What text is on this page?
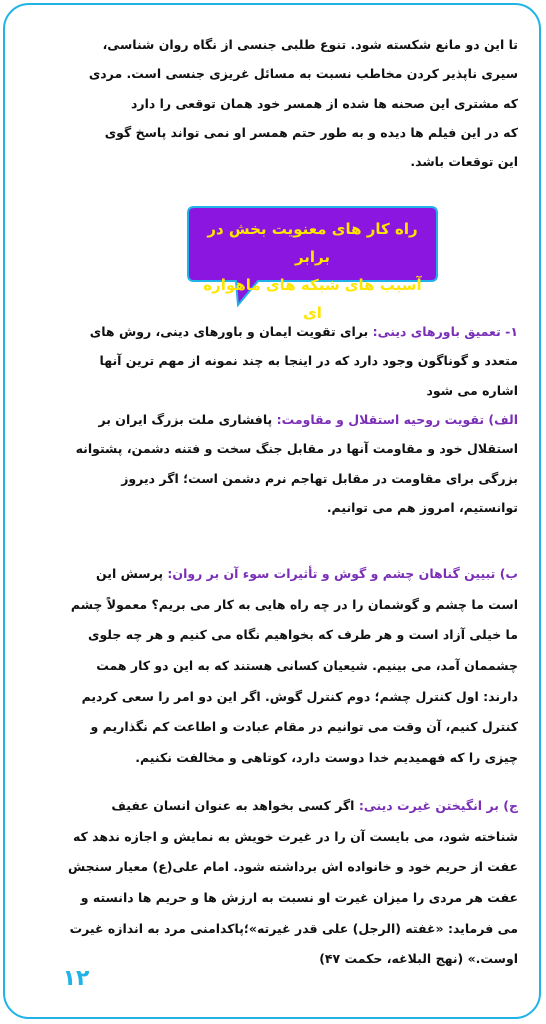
تا این دو مانع شکسته شود. تنوع طلبی جنسی از نگاه روان شناسی،
سیری ناپذیر کردن مخاطب نسبت به مسائل غریزی جنسی است. مردی
که مشتری این صحنه ها شده از همسر خود همان توقعی را دارد
که در این فیلم ها دیده و به طور حتم همسر او نمی تواند پاسخ گوی
این توقعات باشد.
راه کار های معنویت بخش در برابر
آسیب های شبکه های ماهواره ای
۱- تعمیق باورهای دینی: برای تقویت ایمان و باورهای دینی، روش های
متعدد و گوناگون وجود دارد که در اینجا به چند نمونه از مهم ترین آنها
اشاره می شود
الف) تقویت روحیه استقلال و مقاومت: پافشاری ملت بزرگ ایران بر
استقلال خود و مقاومت آنها در مقابل جنگ سخت و فتنه دشمن، پشتوانه
بزرگی برای مقاومت در مقابل تهاجم نرم دشمن است؛ اگر دیروز
توانستیم، امروز هم می توانیم.
ب) تبیین گناهان چشم و گوش و تأثیرات سوء آن بر روان: پرسش این
است ما چشم و گوشمان را در چه راه هایی به کار می بریم؟ معمولاً چشم
ما خیلی آزاد است و هر طرف که بخواهیم نگاه می کنیم و هر چه جلوی
چشممان آمد، می بینیم. شیعیان کسانی هستند که به این دو کار همت
دارند: اول کنترل چشم؛ دوم کنترل گوش. اگر این دو امر را سعی کردیم
کنترل کنیم، آن وقت می توانیم در مقام عبادت و اطاعت کم نگذاریم و
چیزی را که فهمیدیم خدا دوست دارد، کوتاهی و مخالفت نکنیم.
ج) بر انگیختن غیرت دینی: اگر کسی بخواهد به عنوان انسان عفیف
شناخته شود، می بایست آن را در غیرت خویش به نمایش و اجازه ندهد که
عفت از حریم خود و خانواده اش برداشته شود. امام علی(ع) معیار سنجش
عفت هر مردی را میزان غیرت او نسبت به ارزش ها و حریم ها دانسته و
می فرماید: «غفته (الرجل) علی قدر غیرته»؛پاکدامنی مرد به اندازه غیرت
اوست.» (نهج البلاغه، حکمت ۴۷)
۱۲
